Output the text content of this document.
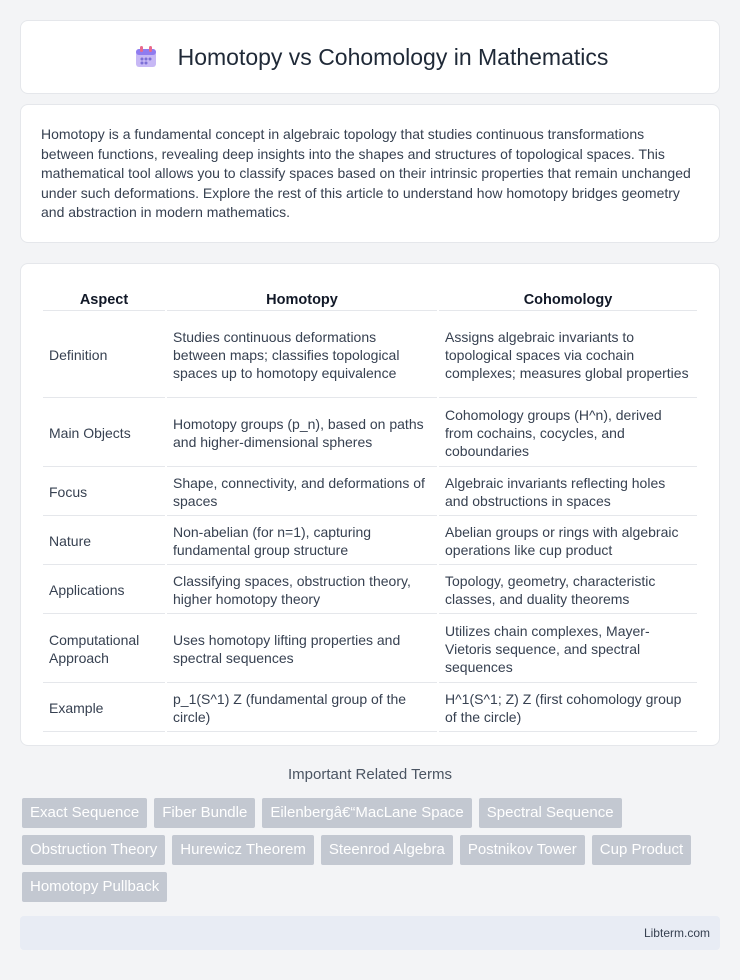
Homotopy vs Cohomology in Mathematics

Homotopy is a fundamental concept in algebraic topology that studies continuous transformations between functions, revealing deep insights into the shapes and structures of topological spaces. This mathematical tool allows you to classify spaces based on their intrinsic properties that remain unchanged under such deformations. Explore the rest of this article to understand how homotopy bridges geometry and abstraction in modern mathematics.

Aspect	Homotopy	Cohomology
Definition	Studies continuous deformations between maps; classifies topological spaces up to homotopy equivalence	Assigns algebraic invariants to topological spaces via cochain complexes; measures global properties
Main Objects	Homotopy groups (p_n), based on paths and higher-dimensional spheres	Cohomology groups (H^n), derived from cochains, cocycles, and coboundaries
Focus	Shape, connectivity, and deformations of spaces	Algebraic invariants reflecting holes and obstructions in spaces
Nature	Non-abelian (for n=1), capturing fundamental group structure	Abelian groups or rings with algebraic operations like cup product
Applications	Classifying spaces, obstruction theory, higher homotopy theory	Topology, geometry, characteristic classes, and duality theorems
Computational Approach	Uses homotopy lifting properties and spectral sequences	Utilizes chain complexes, Mayer-Vietoris sequence, and spectral sequences
Example	p_1(S^1) Z (fundamental group of the circle)	H^1(S^1; Z) Z (first cohomology group of the circle)
Important Related Terms
Exact Sequence	Fiber Bundle	Eilenbergâ€“MacLane Space	Spectral Sequence
Obstruction Theory	Hurewicz Theorem	Steenrod Algebra	Postnikov Tower	Cup Product
Homotopy Pullback
Libterm.com
